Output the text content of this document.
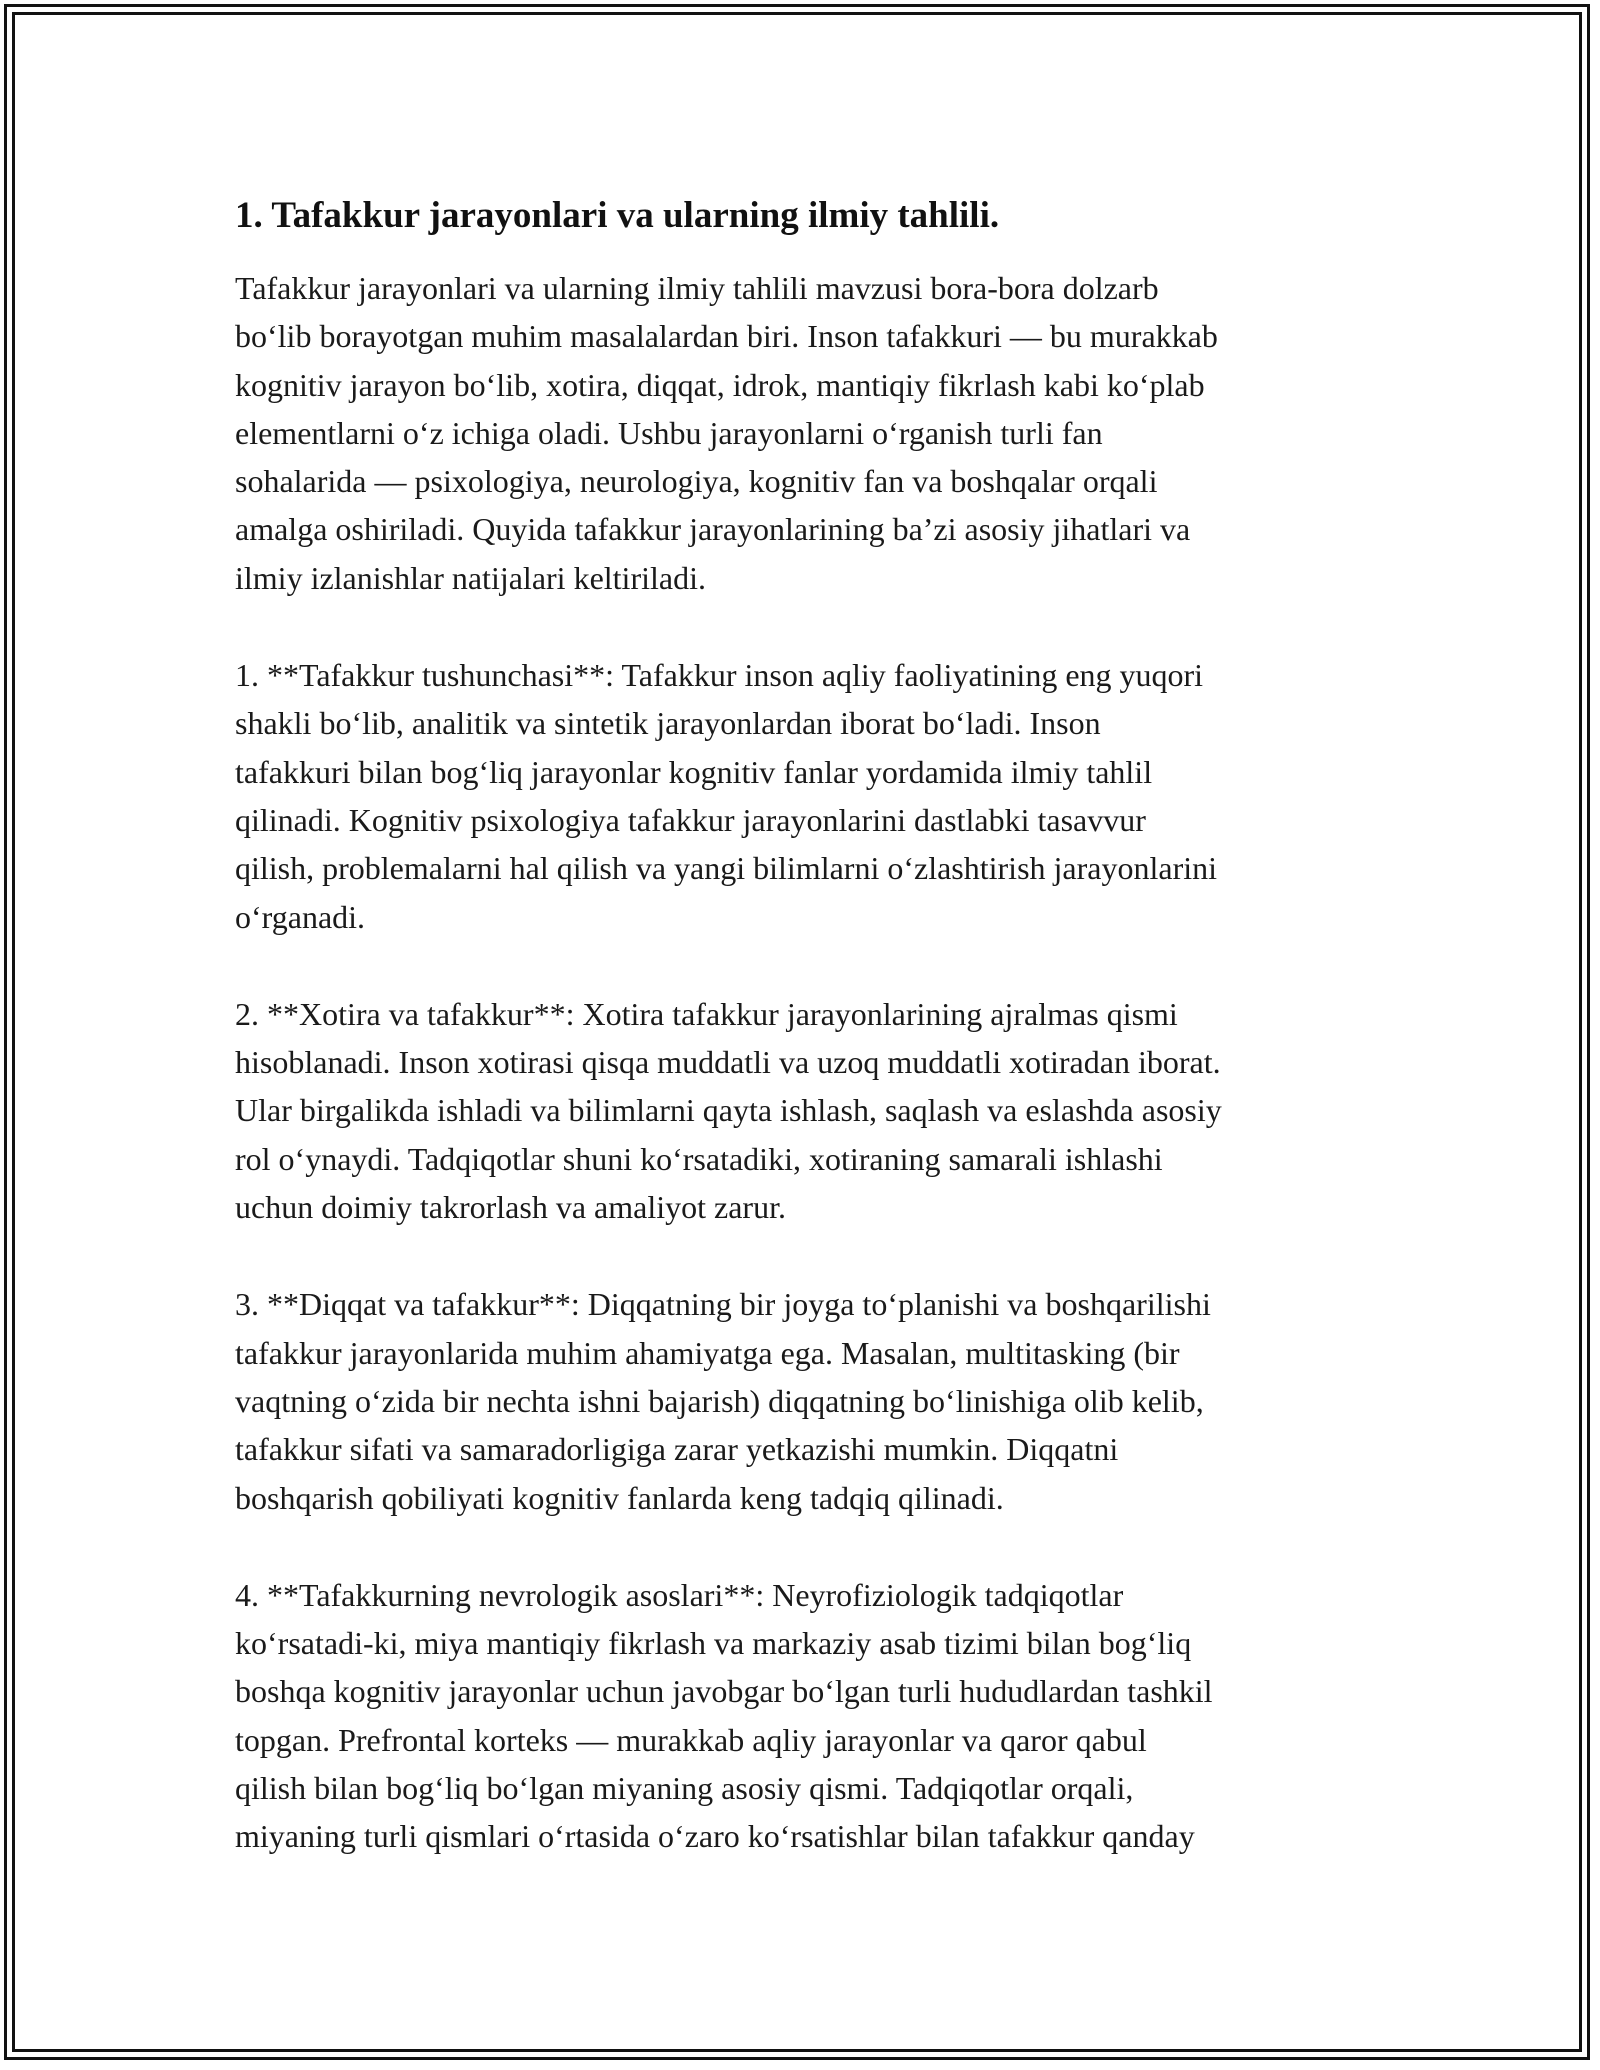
1. Tafakkur jarayonlari va ularning ilmiy tahlili.

Tafakkur jarayonlari va ularning ilmiy tahlili mavzusi bora-bora dolzarb
bo‘lib borayotgan muhim masalalardan biri. Inson tafakkuri — bu murakkab
kognitiv jarayon bo‘lib, xotira, diqqat, idrok, mantiqiy fikrlash kabi ko‘plab
elementlarni o‘z ichiga oladi. Ushbu jarayonlarni o‘rganish turli fan
sohalarida — psixologiya, neurologiya, kognitiv fan va boshqalar orqali
amalga oshiriladi. Quyida tafakkur jarayonlarining ba’zi asosiy jihatlari va
ilmiy izlanishlar natijalari keltiriladi.

1. **Tafakkur tushunchasi**: Tafakkur inson aqliy faoliyatining eng yuqori
shakli bo‘lib, analitik va sintetik jarayonlardan iborat bo‘ladi. Inson
tafakkuri bilan bog‘liq jarayonlar kognitiv fanlar yordamida ilmiy tahlil
qilinadi. Kognitiv psixologiya tafakkur jarayonlarini dastlabki tasavvur
qilish, problemalarni hal qilish va yangi bilimlarni o‘zlashtirish jarayonlarini
o‘rganadi.

2. **Xotira va tafakkur**: Xotira tafakkur jarayonlarining ajralmas qismi
hisoblanadi. Inson xotirasi qisqa muddatli va uzoq muddatli xotiradan iborat.
Ular birgalikda ishladi va bilimlarni qayta ishlash, saqlash va eslashda asosiy
rol o‘ynaydi. Tadqiqotlar shuni ko‘rsatadiki, xotiraning samarali ishlashi
uchun doimiy takrorlash va amaliyot zarur.

3. **Diqqat va tafakkur**: Diqqatning bir joyga to‘planishi va boshqarilishi
tafakkur jarayonlarida muhim ahamiyatga ega. Masalan, multitasking (bir
vaqtning o‘zida bir nechta ishni bajarish) diqqatning bo‘linishiga olib kelib,
tafakkur sifati va samaradorligiga zarar yetkazishi mumkin. Diqqatni
boshqarish qobiliyati kognitiv fanlarda keng tadqiq qilinadi.

4. **Tafakkurning nevrologik asoslari**: Neyrofiziologik tadqiqotlar
ko‘rsatadi-ki, miya mantiqiy fikrlash va markaziy asab tizimi bilan bog‘liq
boshqa kognitiv jarayonlar uchun javobgar bo‘lgan turli hududlardan tashkil
topgan. Prefrontal korteks — murakkab aqliy jarayonlar va qaror qabul
qilish bilan bog‘liq bo‘lgan miyaning asosiy qismi. Tadqiqotlar orqali,
miyaning turli qismlari o‘rtasida o‘zaro ko‘rsatishlar bilan tafakkur qanday
